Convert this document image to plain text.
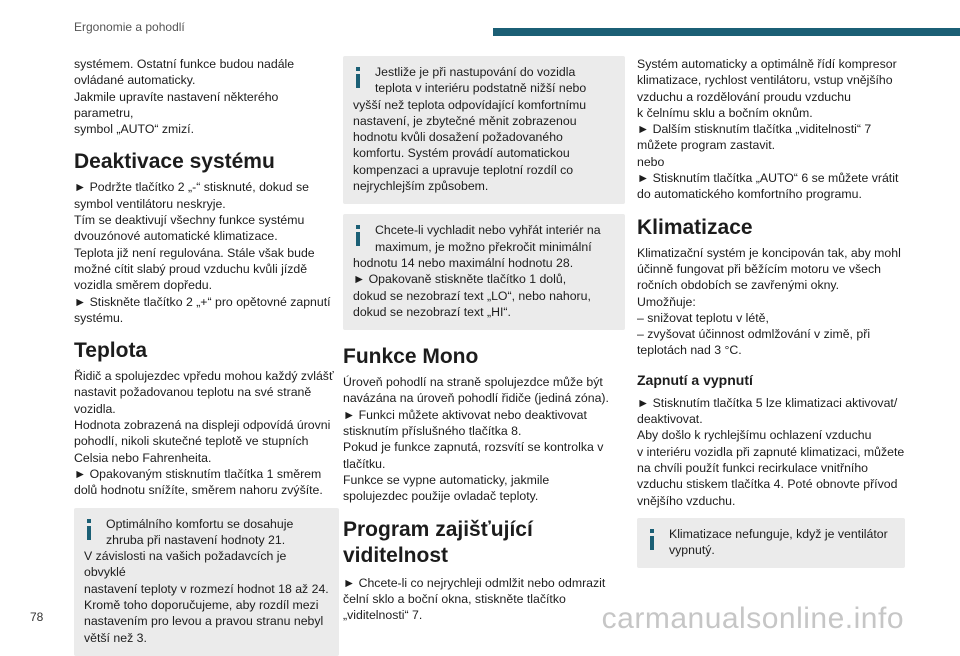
Ergonomie a pohodlí

systémem. Ostatní funkce budou nadále

ovládané automaticky.

Jakmile upravíte nastavení některého parametru,

symbol „AUTO“ zmizí.

Deaktivace systému

► Podržte tlačítko 2 „-“ stisknuté, dokud se

symbol ventilátoru neskryje.

Tím se deaktivují všechny funkce systému

dvouzónové automatické klimatizace.

Teplota již není regulována. Stále však bude

možné cítit slabý proud vzduchu kvůli jízdě

vozidla směrem dopředu.

► Stiskněte tlačítko 2 „+“ pro opětovné zapnutí

systému.

Teplota

Řidič a spolujezdec vpředu mohou každý zvlášť

nastavit požadovanou teplotu na své straně

vozidla.

Hodnota zobrazená na displeji odpovídá úrovni

pohodlí, nikoli skutečné teplotě ve stupních

Celsia nebo Fahrenheita.

► Opakovaným stisknutím tlačítka 1 směrem

dolů hodnotu snížíte, směrem nahoru zvýšíte.

Optimálního komfortu se dosahuje

zhruba při nastavení hodnoty 21.

V závislosti na vašich požadavcích je obvyklé

nastavení teploty v rozmezí hodnot 18 až 24.

Kromě toho doporučujeme, aby rozdíl mezi

nastavením pro levou a pravou stranu nebyl

větší než 3.

Jestliže je při nastupování do vozidla

teplota v interiéru podstatně nižší nebo

vyšší než teplota odpovídající komfortnímu

nastavení, je zbytečné měnit zobrazenou

hodnotu kvůli dosažení požadovaného

komfortu. Systém provádí automatickou

kompenzaci a upravuje teplotní rozdíl co

nejrychlejším způsobem.

Chcete-li vychladit nebo vyhřát interiér na

maximum, je možno překročit minimální

hodnotu 14 nebo maximální hodnotu 28.

► Opakovaně stiskněte tlačítko 1 dolů,

dokud se nezobrazí text „LO“, nebo nahoru,

dokud se nezobrazí text „HI“.

Funkce Mono

Úroveň pohodlí na straně spolujezdce může být

navázána na úroveň pohodlí řidiče (jediná zóna).

► Funkci můžete aktivovat nebo deaktivovat

stisknutím příslušného tlačítka 8.

Pokud je funkce zapnutá, rozsvítí se kontrolka v

tlačítku.

Funkce se vypne automaticky, jakmile

spolujezdec použije ovladač teploty.

Program zajišťující
viditelnost

► Chcete-li co nejrychleji odmlžit nebo odmrazit

čelní sklo a boční okna, stiskněte tlačítko

„viditelnosti“ 7.

Systém automaticky a optimálně řídí kompresor

klimatizace, rychlost ventilátoru, vstup vnějšího

vzduchu a rozdělování proudu vzduchu

k čelnímu sklu a bočním oknům.

► Dalším stisknutím tlačítka „viditelnosti“ 7

můžete program zastavit.

nebo

► Stisknutím tlačítka „AUTO“ 6 se můžete vrátit

do automatického komfortního programu.

Klimatizace

Klimatizační systém je koncipován tak, aby mohl

účinně fungovat při běžícím motoru ve všech

ročních obdobích se zavřenými okny.

Umožňuje:

– snižovat teplotu v létě,

– zvyšovat účinnost odmlžování v zimě, při

teplotách nad 3 °C.

Zapnutí a vypnutí

► Stisknutím tlačítka 5 lze klimatizaci aktivovat/

deaktivovat.

Aby došlo k rychlejšímu ochlazení vzduchu

v interiéru vozidla při zapnuté klimatizaci, můžete

na chvíli použít funkci recirkulace vnitřního

vzduchu stiskem tlačítka 4. Poté obnovte přívod

vnějšího vzduchu.

Klimatizace nefunguje, když je ventilátor

vypnutý.

78	carmanualsonline.info
